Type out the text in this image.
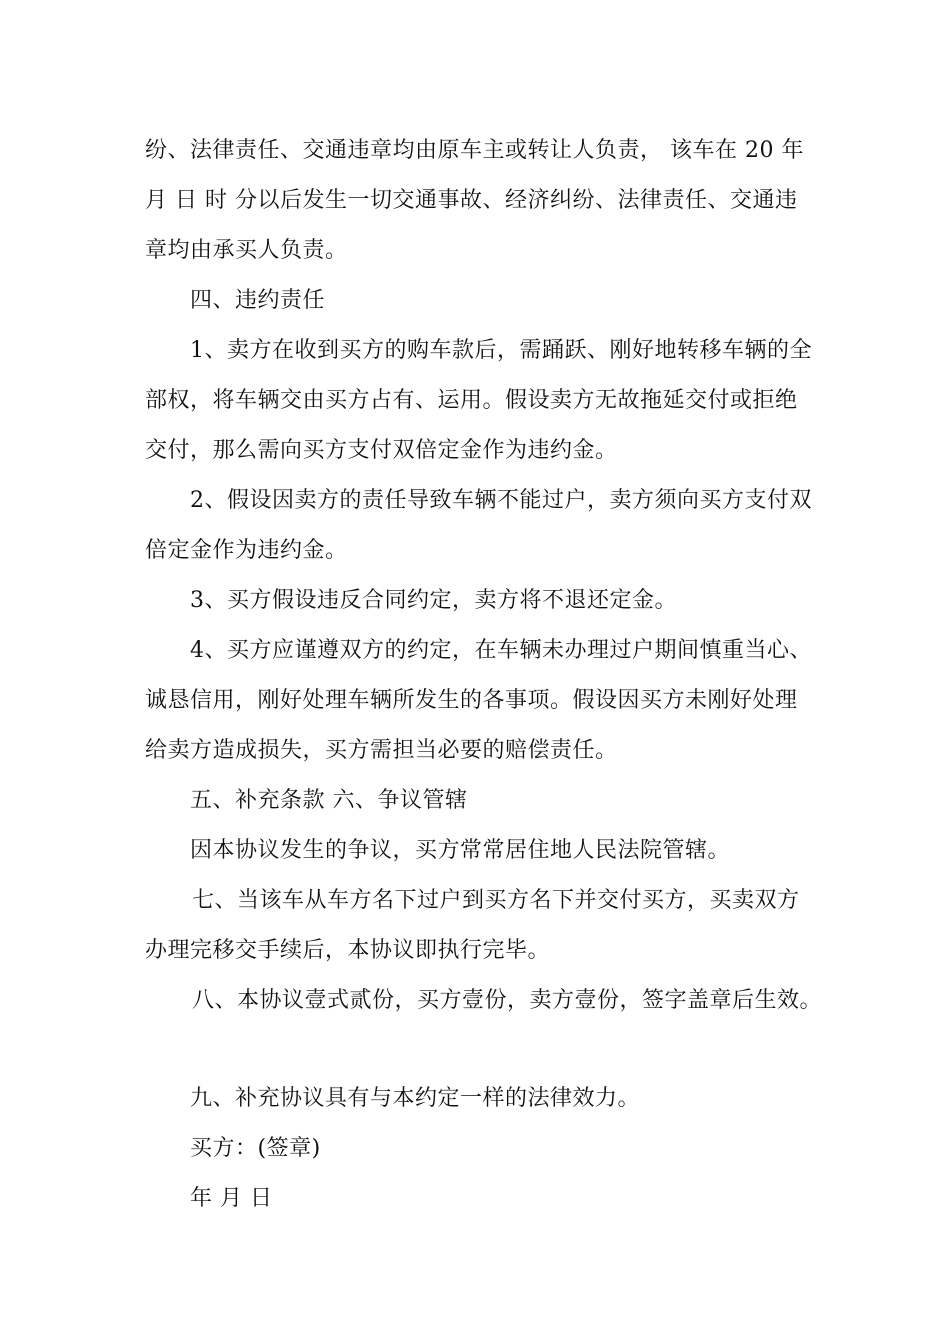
纷、法律责任、交通违章均由原车主或转让人负责， 该车在 20 年
月 日 时 分以后发生一切交通事故、经济纠纷、法律责任、交通违
章均由承买人负责。
四、违约责任
1、卖方在收到买方的购车款后，需踊跃、刚好地转移车辆的全
部权，将车辆交由买方占有、运用。假设卖方无故拖延交付或拒绝
交付，那么需向买方支付双倍定金作为违约金。
2、假设因卖方的责任导致车辆不能过户，卖方须向买方支付双
倍定金作为违约金。
3、买方假设违反合同约定，卖方将不退还定金。
4、买方应谨遵双方的约定，在车辆未办理过户期间慎重当心、
诚恳信用，刚好处理车辆所发生的各事项。假设因买方未刚好处理
给卖方造成损失，买方需担当必要的赔偿责任。
五、补充条款 六、争议管辖
因本协议发生的争议，买方常常居住地人民法院管辖。
七、当该车从车方名下过户到买方名下并交付买方，买卖双方
办理完移交手续后，本协议即执行完毕。
八、本协议壹式贰份，买方壹份，卖方壹份，签字盖章后生效。
九、补充协议具有与本约定一样的法律效力。
买方：(签章)
年 月 日
